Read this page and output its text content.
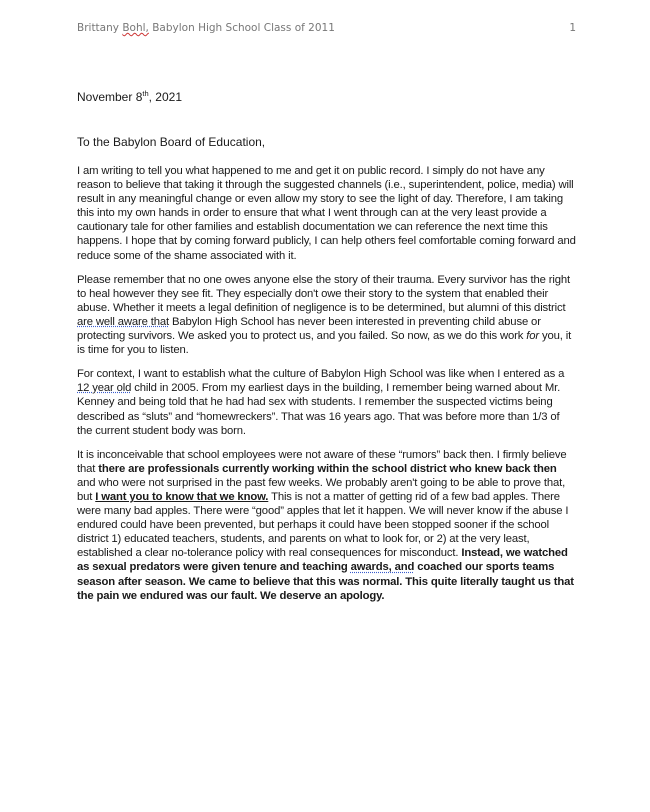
Brittany Bohl, Babylon High School Class of 2011	1
November 8th, 2021
To the Babylon Board of Education,

I am writing to tell you what happened to me and get it on public record. I simply do not have any reason to believe that taking it through the suggested channels (i.e., superintendent, police, media) will result in any meaningful change or even allow my story to see the light of day. Therefore, I am taking this into my own hands in order to ensure that what I went through can at the very least provide a cautionary tale for other families and establish documentation we can reference the next time this happens. I hope that by coming forward publicly, I can help others feel comfortable coming forward and reduce some of the shame associated with it.

Please remember that no one owes anyone else the story of their trauma. Every survivor has the right to heal however they see fit. They especially don't owe their story to the system that enabled their abuse. Whether it meets a legal definition of negligence is to be determined, but alumni of this district are well aware that Babylon High School has never been interested in preventing child abuse or protecting survivors. We asked you to protect us, and you failed. So now, as we do this work for you, it is time for you to listen.

For context, I want to establish what the culture of Babylon High School was like when I entered as a 12 year old child in 2005. From my earliest days in the building, I remember being warned about Mr. Kenney and being told that he had had sex with students. I remember the suspected victims being described as “sluts” and “homewreckers”. That was 16 years ago. That was before more than 1/3 of the current student body was born.

It is inconceivable that school employees were not aware of these “rumors” back then. I firmly believe that there are professionals currently working within the school district who knew back then and who were not surprised in the past few weeks. We probably aren't going to be able to prove that, but I want you to know that we know. This is not a matter of getting rid of a few bad apples. There were many bad apples. There were “good” apples that let it happen. We will never know if the abuse I endured could have been prevented, but perhaps it could have been stopped sooner if the school district 1) educated teachers, students, and parents on what to look for, or 2) at the very least, established a clear no-tolerance policy with real consequences for misconduct. Instead, we watched as sexual predators were given tenure and teaching awards, and coached our sports teams season after season. We came to believe that this was normal. This quite literally taught us that the pain we endured was our fault. We deserve an apology.
